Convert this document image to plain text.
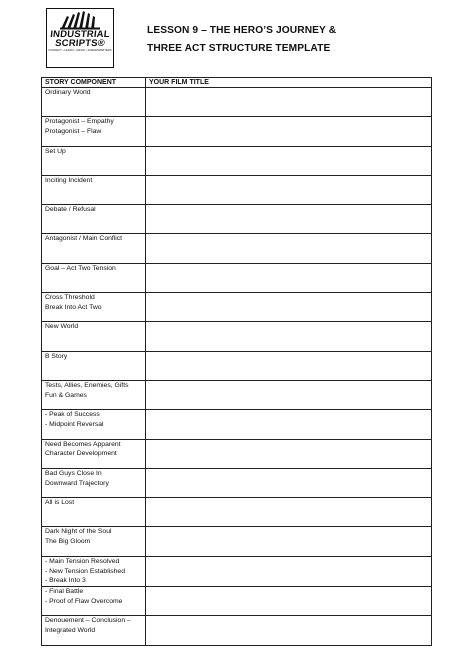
INDUSTRIAL
SCRIPTS®
CONNECT • LEARN • GROW • SCREENWRITERS
LESSON 9 – THE HERO’S JOURNEY &
THREE ACT STRUCTURE TEMPLATE
STORY COMPONENT	YOUR FILM TITLE

Ordinary World	

Protagonist – Empathy
Protagonist – Flaw	

Set Up	

Inciting Incident	

Debate / Refusal	

Antagonist / Main Conflict	

Goal – Act Two Tension	

Cross Threshold
Break Into Act Two	

New World	

B Story	

Tests, Allies, Enemies, Gifts
Fun & Games	

- Peak of Success
- Midpoint Reversal	

Need Becomes Apparent
Character Development	

Bad Guys Close In
Downward Trajectory	

All is Lost	

Dark Night of the Soul
The Big Gloom	

- Main Tension Resolved
- New Tension Established
- Break Into 3	

- Final Battle
- Proof of Flaw Overcome	

Denouement – Conclusion –
Integrated World	
